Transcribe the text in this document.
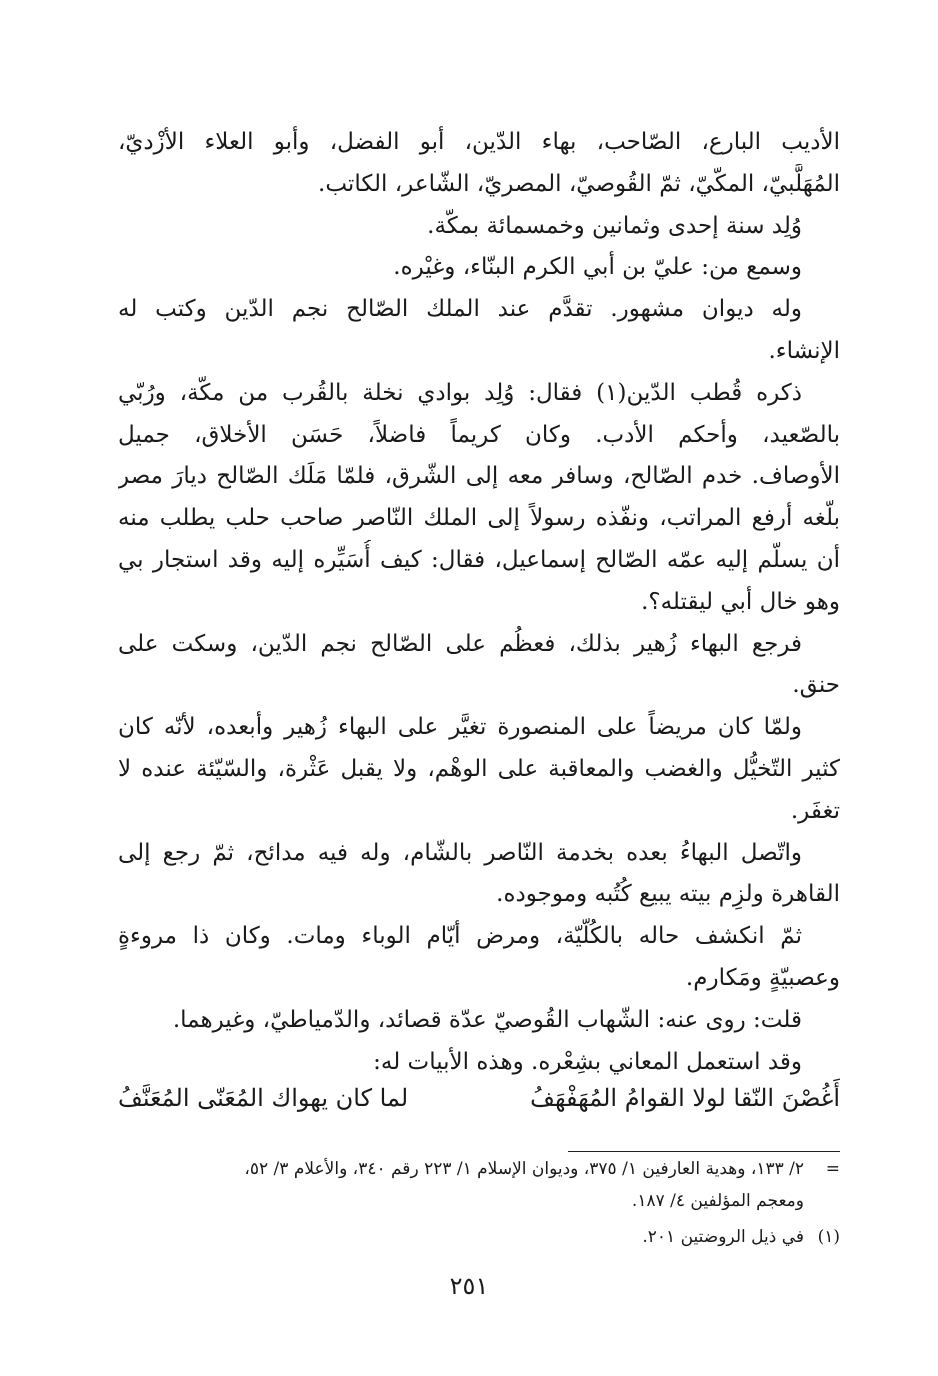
أَغُصْنَ النّقا لولا القوامُ المُهَفْهَفُ
لما كان يهواك المُعَنّى المُعَنَّفُ
=٢/ ١٣٣، وهدية العارفين ١/ ٣٧٥، وديوان الإسلام ١/ ٢٢٣ رقم ٣٤٠، والأعلام ٣/ ٥٢،
ومعجم المؤلفين ٤/ ١٨٧.
(١)في ذيل الروضتين ٢٠١.
الأديب البارع، الصّاحب، بهاء الدّين، أبو الفضل، وأبو العلاء الأزْديّ،
المُهَلَّبيّ، المكّيّ، ثمّ القُوصيّ، المصريّ، الشّاعر، الكاتب.
وُلِد سنة إحدى وثمانين وخمسمائة بمكّة.
وسمع من: عليّ بن أبي الكرم البنّاء، وغيْره.
وله ديوان مشهور. تقدَّم عند الملك الصّالح نجم الدّين وكتب له
الإنشاء.
ذكره قُطب الدّين(١) فقال: وُلِد بوادي نخلة بالقُرب من مكّة، ورُبّي
بالصّعيد، وأحكم الأدب. وكان كريماً فاضلاً، حَسَن الأخلاق، جميل
الأوصاف. خدم الصّالح، وسافر معه إلى الشّرق، فلمّا مَلَك الصّالح ديارَ مصر
بلّغه أرفع المراتب، ونفّذه رسولاً إلى الملك النّاصر صاحب حلب يطلب منه
أن يسلّم إليه عمّه الصّالح إسماعيل، فقال: كيف أُسَيِّره إليه وقد استجار بي
وهو خال أبي ليقتله؟.
فرجع البهاء زُهير بذلك، فعظُم على الصّالح نجم الدّين، وسكت على
حنق.
ولمّا كان مريضاً على المنصورة تغيَّر على البهاء زُهير وأبعده، لأنّه كان
كثير التّخيُّل والغضب والمعاقبة على الوهْم، ولا يقبل عَثْرة، والسّيّئة عنده لا
تغفَر.
واتّصل البهاءُ بعده بخدمة النّاصر بالشّام، وله فيه مدائح، ثمّ رجع إلى
القاهرة ولزِم بيته يبيع كُتُبه وموجوده.
ثمّ انكشف حاله بالكُلّيّة، ومرض أيّام الوباء ومات. وكان ذا مروءةٍ
وعصبيّةٍ ومَكارم.
قلت: روى عنه: الشّهاب القُوصيّ عدّة قصائد، والدّمياطيّ، وغيرهما.
وقد استعمل المعاني بشِعْره. وهذه الأبيات له:
٢٥١
